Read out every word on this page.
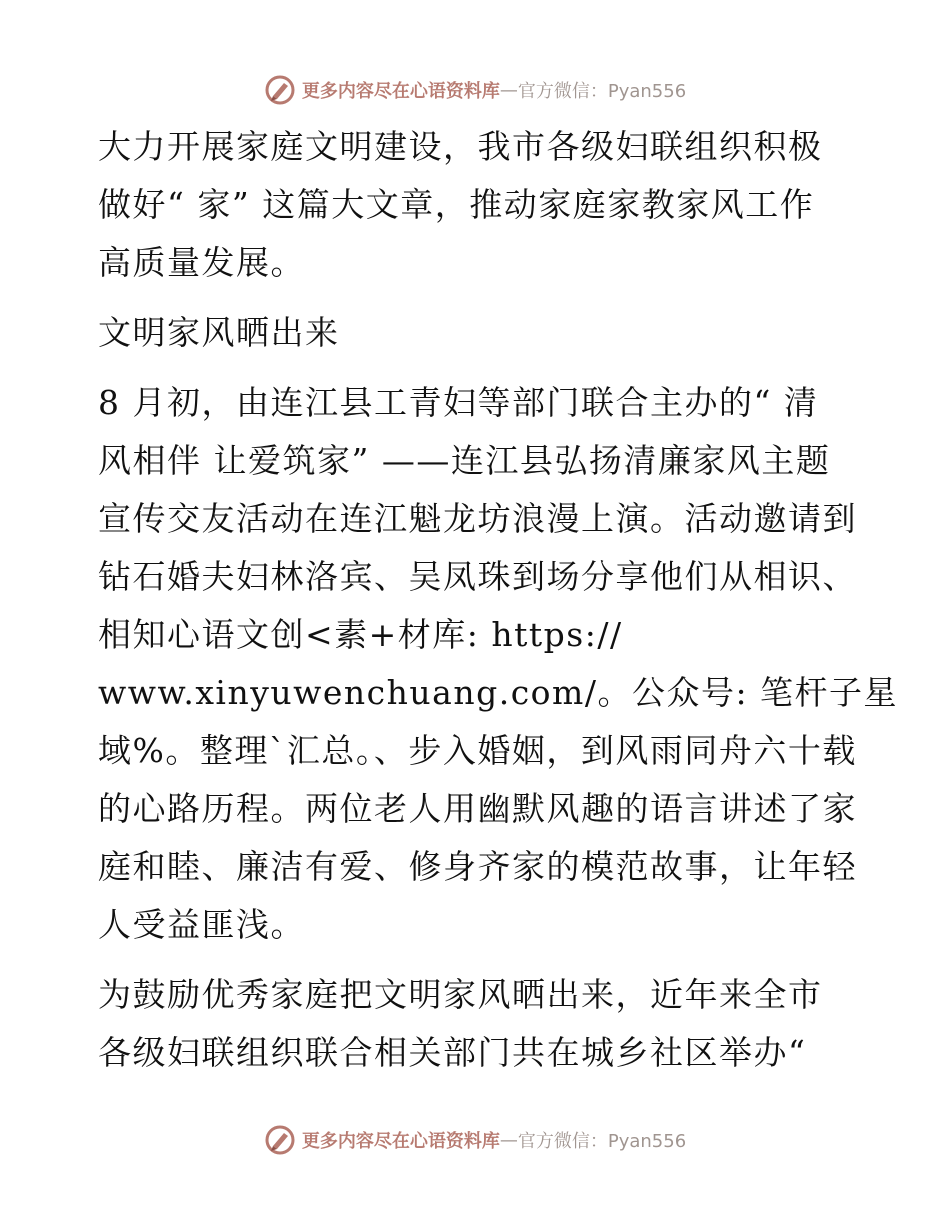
更多内容尽在心语资料库 — 官方微信：Pyan556

大力开展家庭文明建设，我市各级妇联组织积极
做好“ 家” 这篇大文章，推动家庭家教家风工作
高质量发展。

文明家风晒出来

8 月初，由连江县工青妇等部门联合主办的“ 清
风相伴 让爱筑家” ——连江县弘扬清廉家风主题
宣传交友活动在连江魁龙坊浪漫上演。活动邀请到
钻石婚夫妇林洛宾、吴凤珠到场分享他们从相识、
相知心语文创<素+材库: https://
www.xinyuwenchuang.com/。公众号: 笔杆子星
域%。整理`汇总。、步入婚姻，到风雨同舟六十载
的心路历程。两位老人用幽默风趣的语言讲述了家
庭和睦、廉洁有爱、修身齐家的模范故事，让年轻
人受益匪浅。

为鼓励优秀家庭把文明家风晒出来，近年来全市
各级妇联组织联合相关部门共在城乡社区举办“

更多内容尽在心语资料库 — 官方微信：Pyan556
